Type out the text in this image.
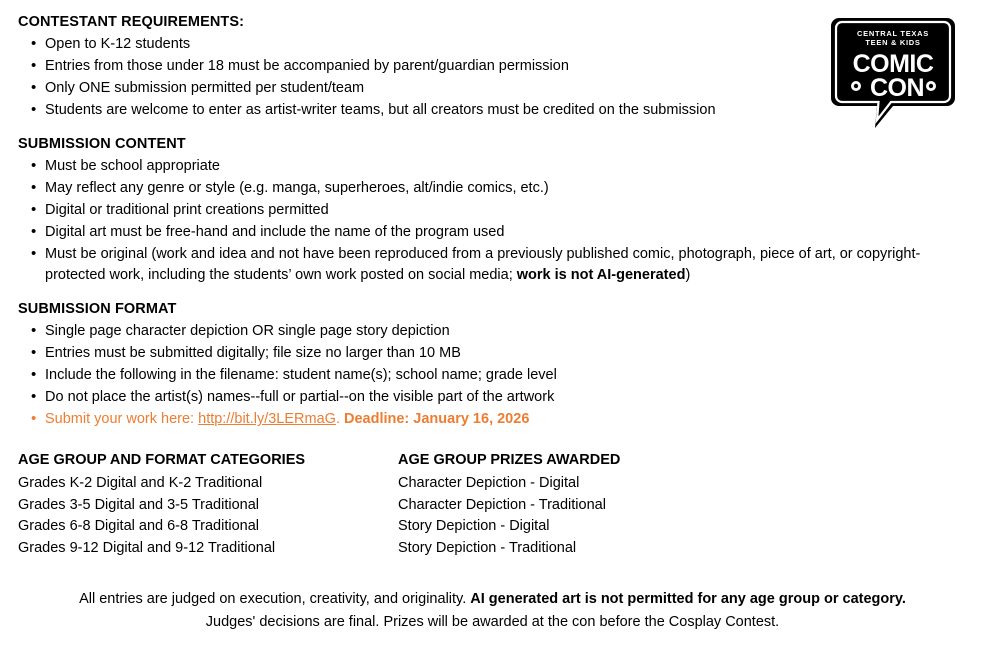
CENTRAL TEXAS
TEEN & KIDS
COMIC
CON
CONTESTANT REQUIREMENTS:
• Open to K-12 students
• Entries from those under 18 must be accompanied by parent/guardian permission
• Only ONE submission permitted per student/team
• Students are welcome to enter as artist-writer teams, but all creators must be credited on the submission
SUBMISSION CONTENT
• Must be school appropriate
• May reflect any genre or style (e.g. manga, superheroes, alt/indie comics, etc.)
• Digital or traditional print creations permitted
• Digital art must be free-hand and include the name of the program used
• Must be original (work and idea and not have been reproduced from a previously published comic, photograph, piece of art, or copyright-protected work, including the students’ own work posted on social media; work is not AI-generated)
SUBMISSION FORMAT
• Single page character depiction OR single page story depiction
• Entries must be submitted digitally; file size no larger than 10 MB
• Include the following in the filename: student name(s); school name; grade level
• Do not place the artist(s) names--full or partial--on the visible part of the artwork
• Submit your work here: http://bit.ly/3LERmaG. Deadline: January 16, 2026
AGE GROUP AND FORMAT CATEGORIES
Grades K-2 Digital and K-2 Traditional
Grades 3-5 Digital and 3-5 Traditional
Grades 6-8 Digital and 6-8 Traditional
Grades 9-12 Digital and 9-12 Traditional
AGE GROUP PRIZES AWARDED
Character Depiction - Digital
Character Depiction - Traditional
Story Depiction - Digital
Story Depiction - Traditional
All entries are judged on execution, creativity, and originality. AI generated art is not permitted for any age group or category.
Judges' decisions are final. Prizes will be awarded at the con before the Cosplay Contest.
